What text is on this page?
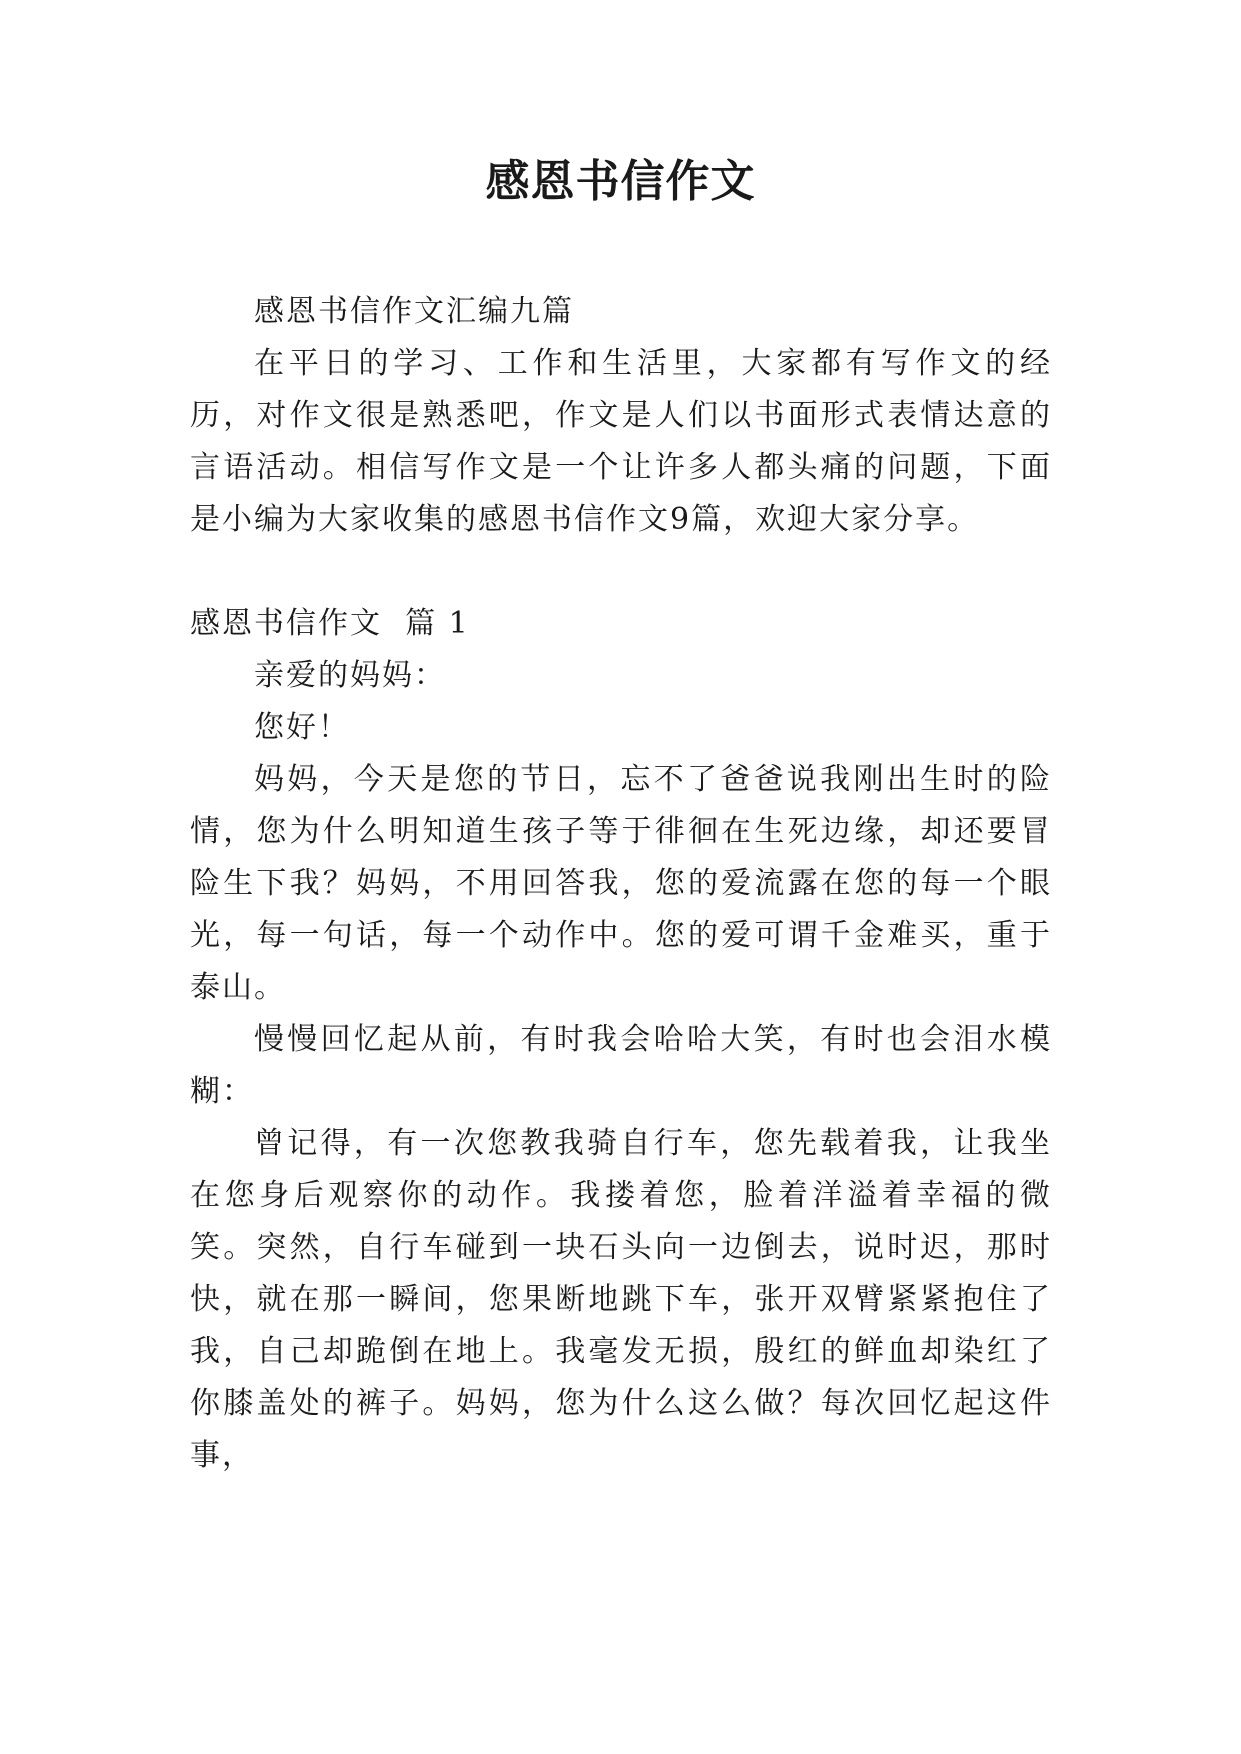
感恩书信作文

感恩书信作文汇编九篇

在平日的学习、工作和生活里，大家都有写作文的经历，对作文很是熟悉吧，作文是人们以书面形式表情达意的言语活动。相信写作文是一个让许多人都头痛的问题，下面是小编为大家收集的感恩书信作文9篇，欢迎大家分享。

感恩书信作文  篇 1

亲爱的妈妈：

您好！

妈妈，今天是您的节日，忘不了爸爸说我刚出生时的险情，您为什么明知道生孩子等于徘徊在生死边缘，却还要冒险生下我？妈妈，不用回答我，您的爱流露在您的每一个眼光，每一句话，每一个动作中。您的爱可谓千金难买，重于泰山。

慢慢回忆起从前，有时我会哈哈大笑，有时也会泪水模糊：

曾记得，有一次您教我骑自行车，您先载着我，让我坐在您身后观察你的动作。我搂着您，脸着洋溢着幸福的微笑。突然，自行车碰到一块石头向一边倒去，说时迟，那时快，就在那一瞬间，您果断地跳下车，张开双臂紧紧抱住了我，自己却跪倒在地上。我毫发无损，殷红的鲜血却染红了你膝盖处的裤子。妈妈，您为什么这么做？每次回忆起这件事，
